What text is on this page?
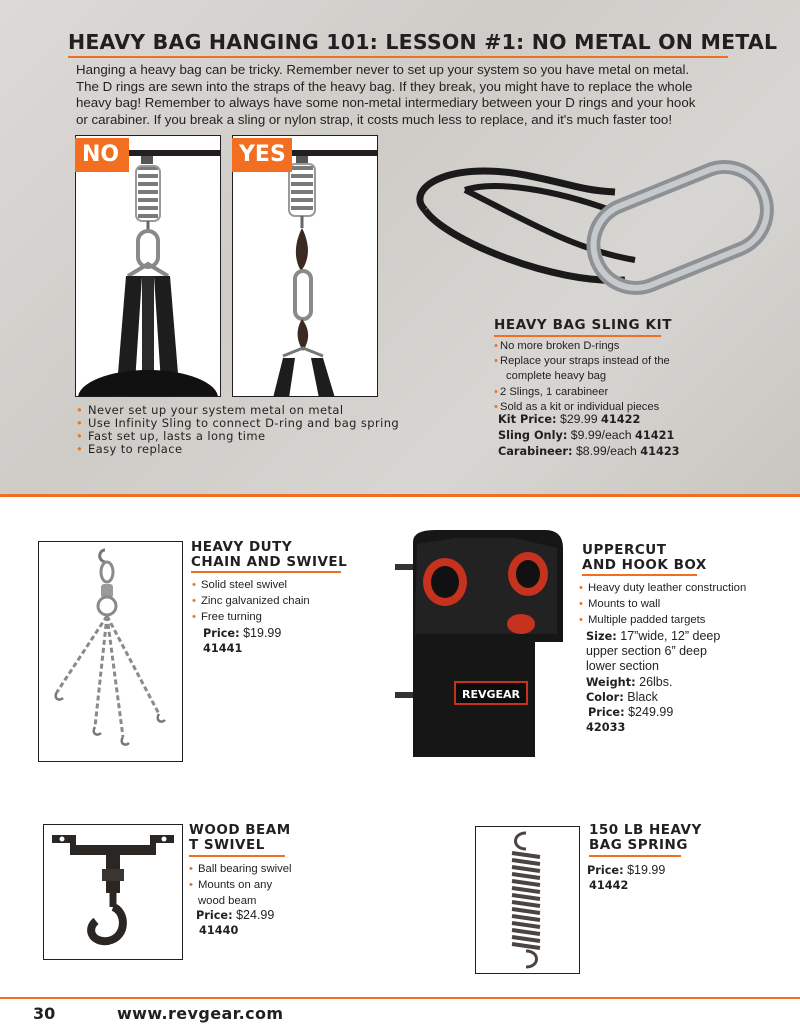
HEAVY BAG HANGING 101: LESSON #1: NO METAL ON METAL
Hanging a heavy bag can be tricky. Remember never to set up your system so you have metal on metal.
The D rings are sewn into the straps of the heavy bag. If they break, you might have to replace the whole
heavy bag! Remember to always have some non-metal intermediary between your D rings and your hook
or carabiner. If you break a sling or nylon strap, it costs much less to replace, and it's much faster too!
NO	YES
• Never set up your system metal on metal
• Use Infinity Sling to connect D-ring and bag spring
• Fast set up, lasts a long time
• Easy to replace
HEAVY BAG SLING KIT
• No more broken D-rings
• Replace your straps instead of the
complete heavy bag
• 2 Slings, 1 carabineer
• Sold as a kit or individual pieces
Kit Price: $29.99 41422
Sling Only: $9.99/each 41421
Carabineer: $8.99/each 41423
HEAVY DUTY
CHAIN AND SWIVEL
• Solid steel swivel
• Zinc galvanized chain
• Free turning
Price: $19.99
41441
REVGEAR
UPPERCUT
AND HOOK BOX
• Heavy duty leather construction
• Mounts to wall
• Multiple padded targets
Size: 17”wide, 12” deep
upper section 6” deep
lower section
Weight: 26lbs.
Color: Black
Price: $249.99
42033
WOOD BEAM
T SWIVEL
• Ball bearing swivel
• Mounts on any
wood beam
Price: $24.99
41440
150 LB HEAVY
BAG SPRING
Price: $19.99
41442
30	www.revgear.com
